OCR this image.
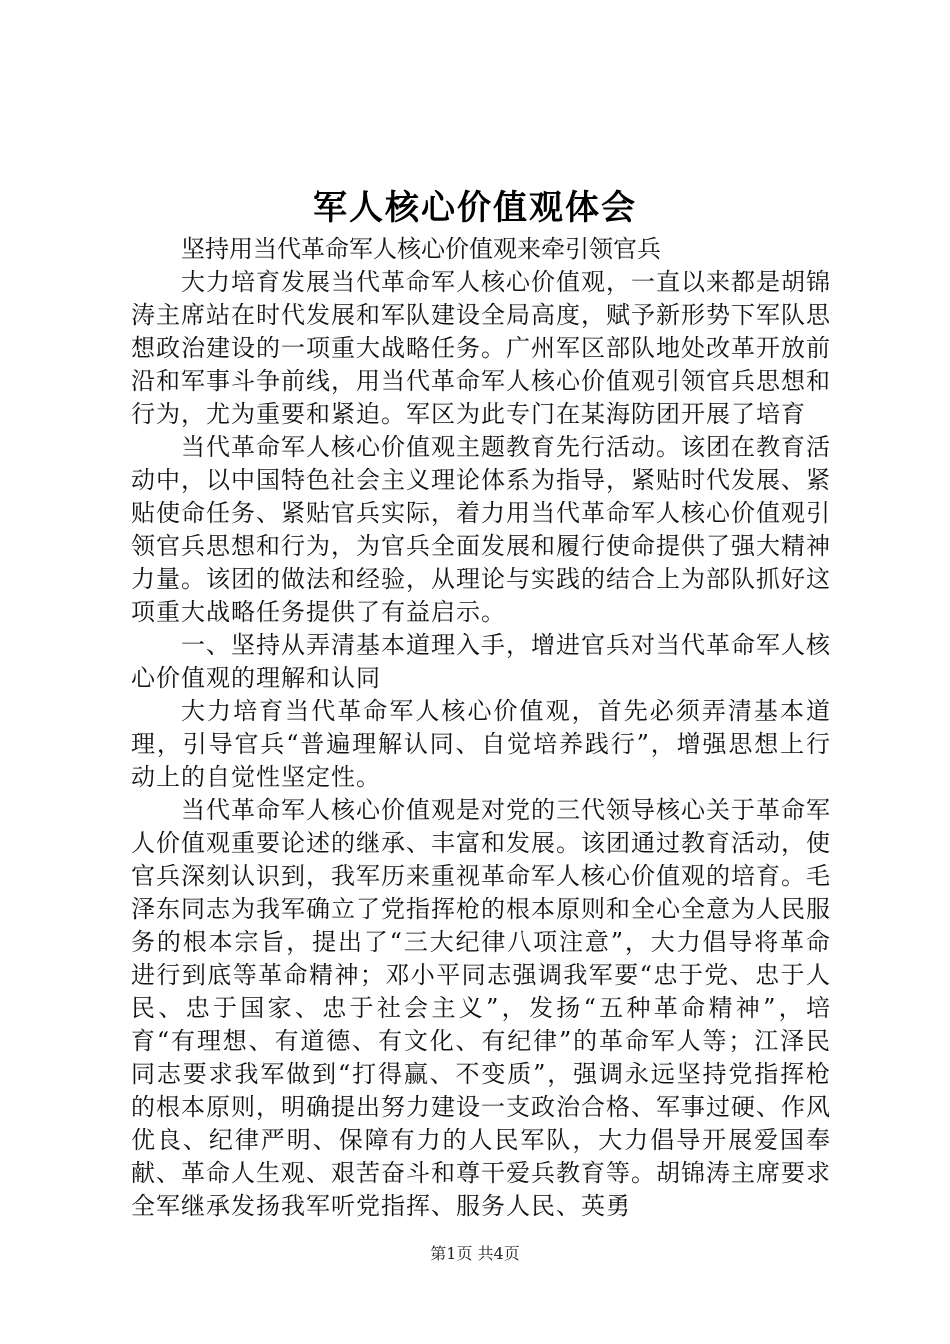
军人核心价值观体会

坚持用当代革命军人核心价值观来牵引领官兵

大力培育发展当代革命军人核心价值观，一直以来都是胡锦涛主席站在时代发展和军队建设全局高度，赋予新形势下军队思想政治建设的一项重大战略任务。广州军区部队地处改革开放前沿和军事斗争前线，用当代革命军人核心价值观引领官兵思想和行为，尤为重要和紧迫。军区为此专门在某海防团开展了培育

当代革命军人核心价值观主题教育先行活动。该团在教育活动中，以中国特色社会主义理论体系为指导，紧贴时代发展、紧贴使命任务、紧贴官兵实际，着力用当代革命军人核心价值观引领官兵思想和行为，为官兵全面发展和履行使命提供了强大精神力量。该团的做法和经验，从理论与实践的结合上为部队抓好这项重大战略任务提供了有益启示。

一、坚持从弄清基本道理入手，增进官兵对当代革命军人核心价值观的理解和认同

大力培育当代革命军人核心价值观，首先必须弄清基本道理，引导官兵“普遍理解认同、自觉培养践行”，增强思想上行动上的自觉性坚定性。

当代革命军人核心价值观是对党的三代领导核心关于革命军人价值观重要论述的继承、丰富和发展。该团通过教育活动，使官兵深刻认识到，我军历来重视革命军人核心价值观的培育。毛泽东同志为我军确立了党指挥枪的根本原则和全心全意为人民服务的根本宗旨，提出了“三大纪律八项注意”，大力倡导将革命进行到底等革命精神；邓小平同志强调我军要“忠于党、忠于人民、忠于国家、忠于社会主义”，发扬“五种革命精神”，培育“有理想、有道德、有文化、有纪律”的革命军人等；江泽民同志要求我军做到“打得赢、不变质”，强调永远坚持党指挥枪的根本原则，明确提出努力建设一支政治合格、军事过硬、作风优良、纪律严明、保障有力的人民军队，大力倡导开展爱国奉献、革命人生观、艰苦奋斗和尊干爱兵教育等。胡锦涛主席要求全军继承发扬我军听党指挥、服务人民、英勇

第1页 共4页
